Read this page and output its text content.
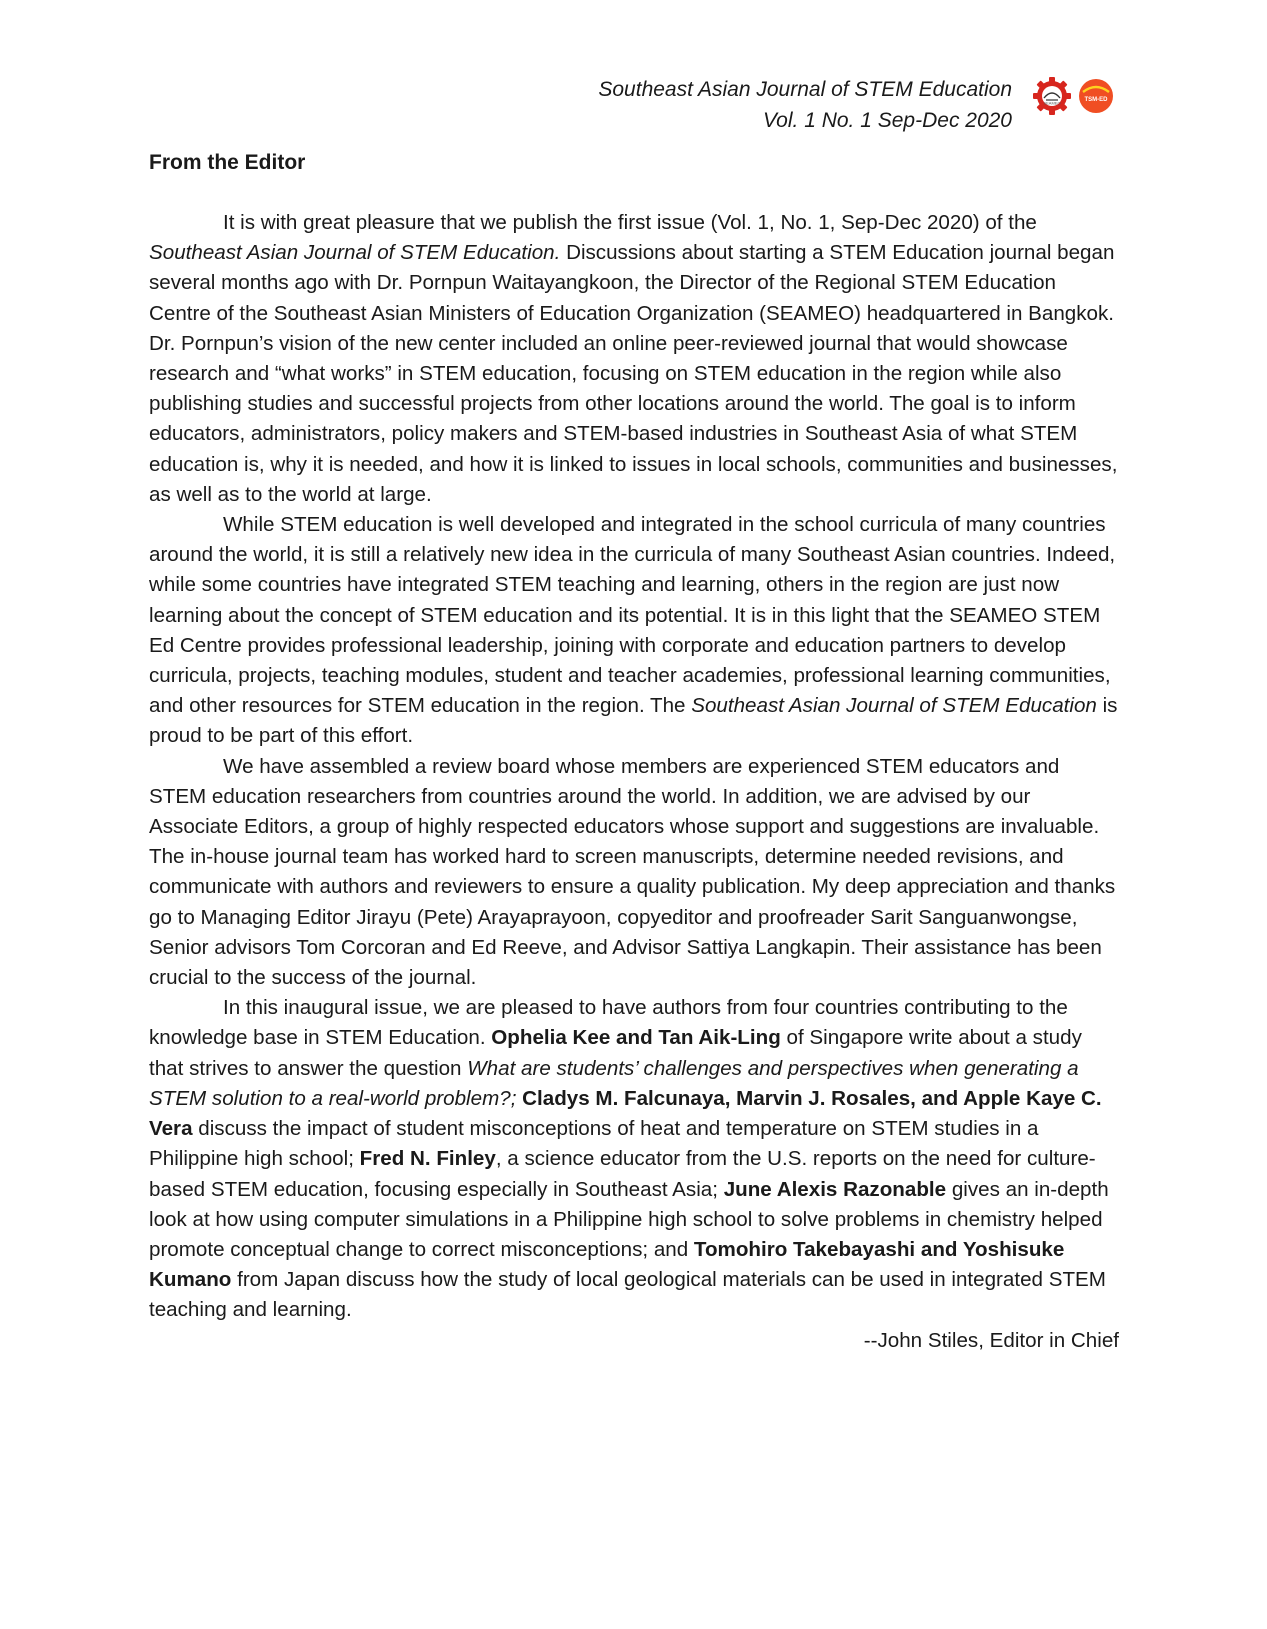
Southeast Asian Journal of STEM Education
Vol. 1 No. 1 Sep-Dec 2020
SEAMEO	TSM-ED
From the Editor

It is with great pleasure that we publish the first issue (Vol. 1, No. 1, Sep-Dec 2020) of the Southeast Asian Journal of STEM Education. Discussions about starting a STEM Education journal began several months ago with Dr. Pornpun Waitayangkoon, the Director of the Regional STEM Education Centre of the Southeast Asian Ministers of Education Organization (SEAMEO) headquartered in Bangkok. Dr. Pornpun’s vision of the new center included an online peer-reviewed journal that would showcase research and “what works” in STEM education, focusing on STEM education in the region while also publishing studies and successful projects from other locations around the world. The goal is to inform educators, administrators, policy makers and STEM-based industries in Southeast Asia of what STEM education is, why it is needed, and how it is linked to issues in local schools, communities and businesses, as well as to the world at large.

While STEM education is well developed and integrated in the school curricula of many countries around the world, it is still a relatively new idea in the curricula of many Southeast Asian countries. Indeed, while some countries have integrated STEM teaching and learning, others in the region are just now learning about the concept of STEM education and its potential. It is in this light that the SEAMEO STEM Ed Centre provides professional leadership, joining with corporate and education partners to develop curricula, projects, teaching modules, student and teacher academies, professional learning communities, and other resources for STEM education in the region. The Southeast Asian Journal of STEM Education is proud to be part of this effort.

We have assembled a review board whose members are experienced STEM educators and STEM education researchers from countries around the world. In addition, we are advised by our Associate Editors, a group of highly respected educators whose support and suggestions are invaluable. The in-house journal team has worked hard to screen manuscripts, determine needed revisions, and communicate with authors and reviewers to ensure a quality publication. My deep appreciation and thanks go to Managing Editor Jirayu (Pete) Arayaprayoon, copyeditor and proofreader Sarit Sanguanwongse, Senior advisors Tom Corcoran and Ed Reeve, and Advisor Sattiya Langkapin. Their assistance has been crucial to the success of the journal.

In this inaugural issue, we are pleased to have authors from four countries contributing to the knowledge base in STEM Education. Ophelia Kee and Tan Aik-Ling of Singapore write about a study that strives to answer the question What are students’ challenges and perspectives when generating a STEM solution to a real-world problem?; Cladys M. Falcunaya, Marvin J. Rosales, and Apple Kaye C. Vera discuss the impact of student misconceptions of heat and temperature on STEM studies in a Philippine high school; Fred N. Finley, a science educator from the U.S. reports on the need for culture-based STEM education, focusing especially in Southeast Asia; June Alexis Razonable gives an in-depth look at how using computer simulations in a Philippine high school to solve problems in chemistry helped promote conceptual change to correct misconceptions; and Tomohiro Takebayashi and Yoshisuke Kumano from Japan discuss how the study of local geological materials can be used in integrated STEM teaching and learning.

--John Stiles, Editor in Chief
